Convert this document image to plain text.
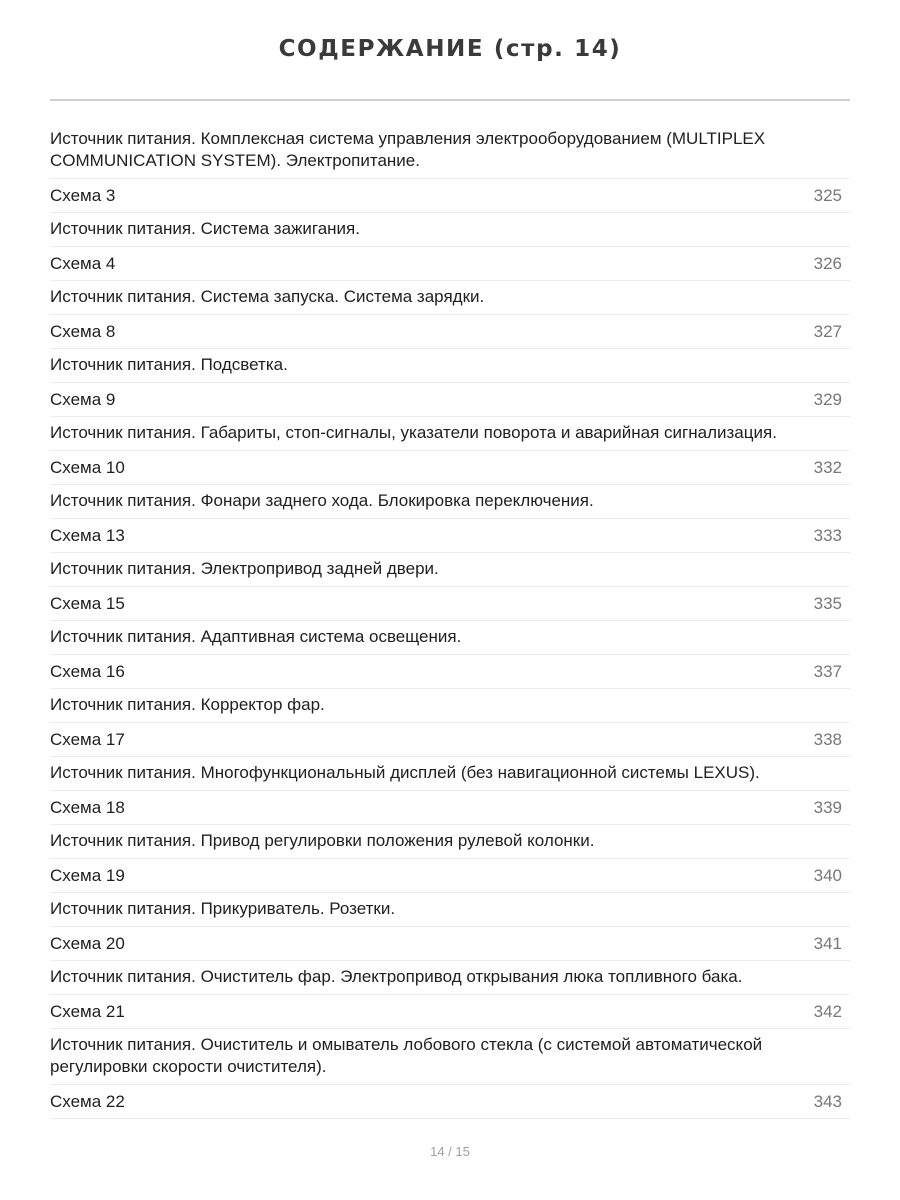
СОДЕРЖАНИЕ (стр. 14)
Источник питания. Комплексная система управления электрооборудованием (MULTIPLEX COMMUNICATION SYSTEM). Электропитание.
Схема 3	325
Источник питания. Система зажигания.
Схема 4	326
Источник питания. Система запуска. Система зарядки.
Схема 8	327
Источник питания. Подсветка.
Схема 9	329
Источник питания. Габариты, стоп-сигналы, указатели поворота и аварийная сигнализация.
Схема 10	332
Источник питания. Фонари заднего хода. Блокировка переключения.
Схема 13	333
Источник питания. Электропривод задней двери.
Схема 15	335
Источник питания. Адаптивная система освещения.
Схема 16	337
Источник питания. Корректор фар.
Схема 17	338
Источник питания. Многофункциональный дисплей (без навигационной системы LEXUS).
Схема 18	339
Источник питания. Привод регулировки положения рулевой колонки.
Схема 19	340
Источник питания. Прикуриватель. Розетки.
Схема 20	341
Источник питания. Очиститель фар. Электропривод открывания люка топливного бака.
Схема 21	342
Источник питания. Очиститель и омыватель лобового стекла (с системой автоматической регулировки скорости очистителя).
Схема 22	343
14 / 15
